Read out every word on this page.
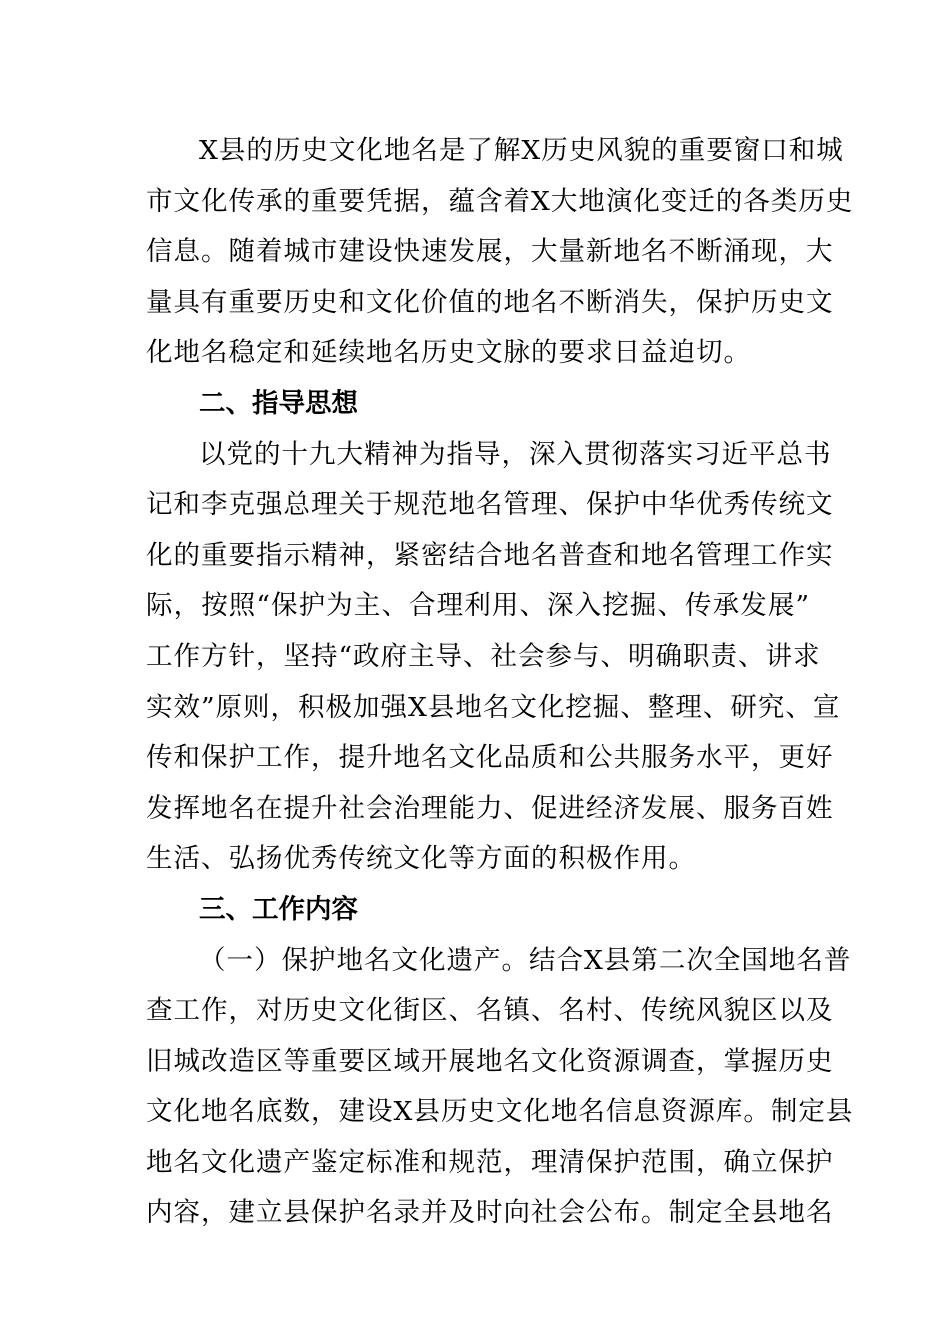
X县的历史文化地名是了解X历史风貌的重要窗口和城
市文化传承的重要凭据，蕴含着X大地演化变迁的各类历史
信息。随着城市建设快速发展，大量新地名不断涌现，大
量具有重要历史和文化价值的地名不断消失，保护历史文
化地名稳定和延续地名历史文脉的要求日益迫切。
二、指导思想
以党的十九大精神为指导，深入贯彻落实习近平总书
记和李克强总理关于规范地名管理、保护中华优秀传统文
化的重要指示精神，紧密结合地名普查和地名管理工作实
际，按照“保护为主、合理利用、深入挖掘、传承发展”
工作方针，坚持“政府主导、社会参与、明确职责、讲求
实效”原则，积极加强X县地名文化挖掘、整理、研究、宣
传和保护工作，提升地名文化品质和公共服务水平，更好
发挥地名在提升社会治理能力、促进经济发展、服务百姓
生活、弘扬优秀传统文化等方面的积极作用。
三、工作内容
（一）保护地名文化遗产。结合X县第二次全国地名普
查工作，对历史文化街区、名镇、名村、传统风貌区以及
旧城改造区等重要区域开展地名文化资源调查，掌握历史
文化地名底数，建设X县历史文化地名信息资源库。制定县
地名文化遗产鉴定标准和规范，理清保护范围，确立保护
内容，建立县保护名录并及时向社会公布。制定全县地名
